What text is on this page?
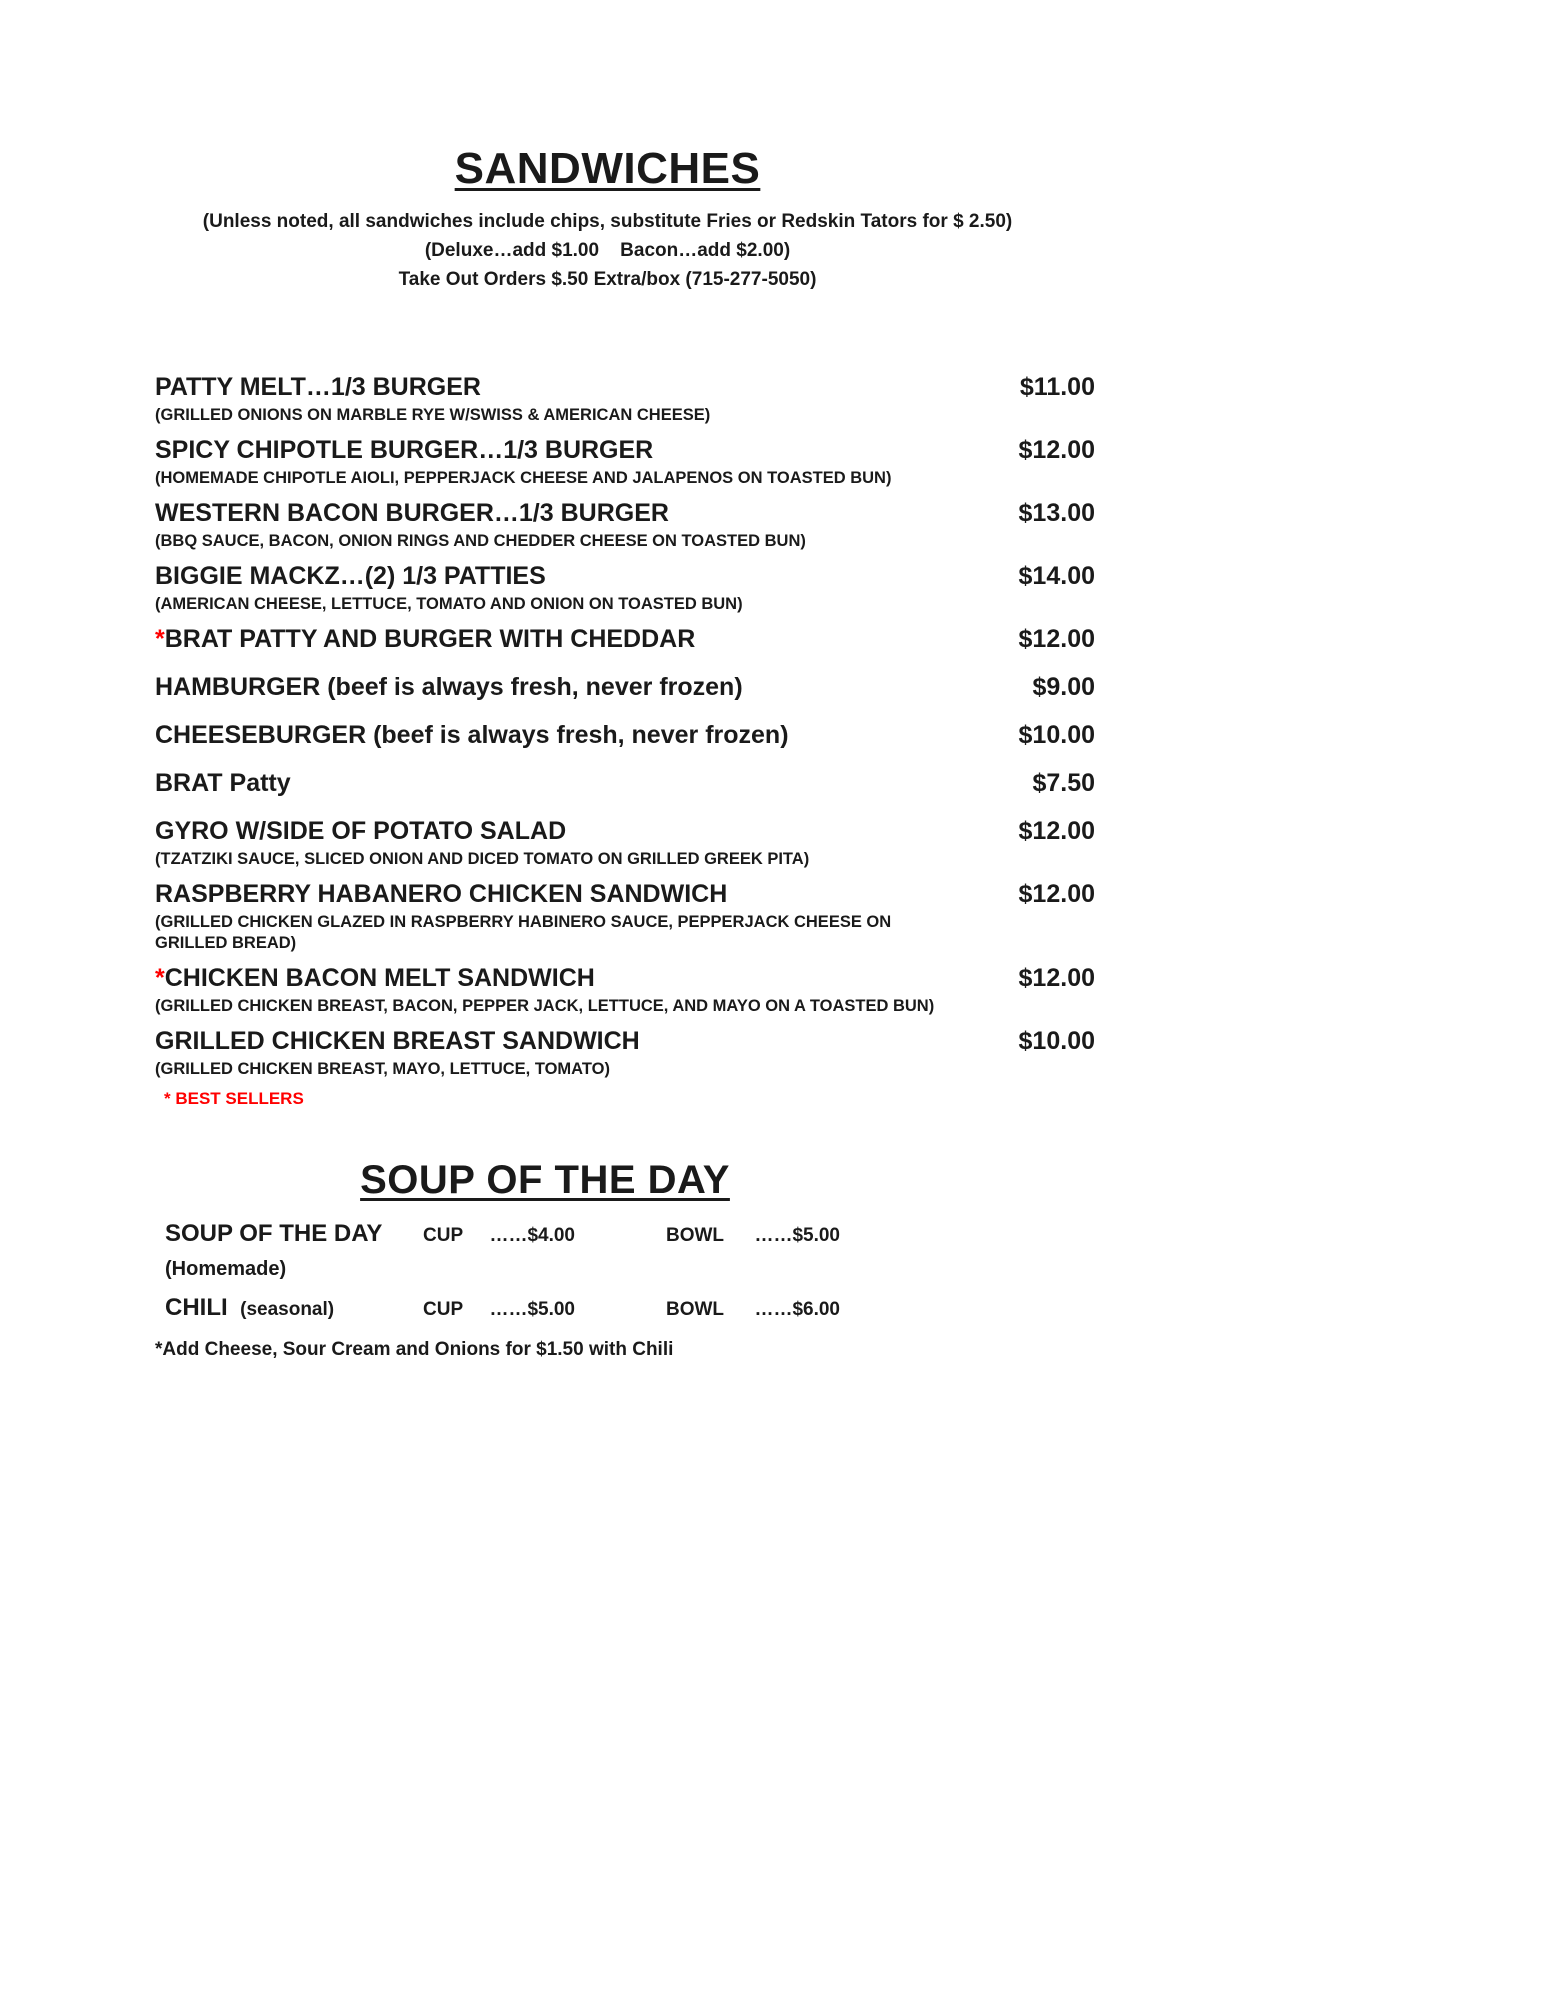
SANDWICHES
(Unless noted, all sandwiches include chips, substitute Fries or Redskin Tators for $ 2.50)
(Deluxe…add $1.00    Bacon…add $2.00)
Take Out Orders $.50 Extra/box (715-277-5050)
PATTY MELT…1/3 BURGER	$11.00
(GRILLED ONIONS ON MARBLE RYE W/SWISS & AMERICAN CHEESE)
SPICY CHIPOTLE BURGER…1/3 BURGER	$12.00
(HOMEMADE CHIPOTLE AIOLI, PEPPERJACK CHEESE AND JALAPENOS ON TOASTED BUN)
WESTERN BACON BURGER…1/3 BURGER	$13.00
(BBQ SAUCE, BACON, ONION RINGS AND CHEDDER CHEESE ON TOASTED BUN)
BIGGIE MACKZ…(2) 1/3 PATTIES	$14.00
(AMERICAN CHEESE, LETTUCE, TOMATO AND ONION ON TOASTED BUN)
*BRAT PATTY AND BURGER WITH CHEDDAR	$12.00
HAMBURGER (beef is always fresh, never frozen)	$9.00
CHEESEBURGER (beef is always fresh, never frozen)	$10.00
BRAT Patty	$7.50
GYRO W/SIDE OF POTATO SALAD	$12.00
(TZATZIKI SAUCE, SLICED ONION AND DICED TOMATO ON GRILLED GREEK PITA)
RASPBERRY HABANERO CHICKEN SANDWICH	$12.00
(GRILLED CHICKEN GLAZED IN RASPBERRY HABINERO SAUCE, PEPPERJACK CHEESE ON GRILLED BREAD)
*CHICKEN BACON MELT SANDWICH	$12.00
(GRILLED CHICKEN BREAST, BACON, PEPPER JACK, LETTUCE, AND MAYO ON A TOASTED BUN)
GRILLED CHICKEN BREAST SANDWICH	$10.00
(GRILLED CHICKEN BREAST, MAYO, LETTUCE, TOMATO)
* BEST SELLERS
SOUP OF THE DAY
SOUP OF THE DAY
(Homemade)
CUP ……$4.00	BOWL ……$5.00
CHILI (seasonal)	CUP ……$5.00	BOWL ……$6.00
*Add Cheese, Sour Cream and Onions for $1.50 with Chili
